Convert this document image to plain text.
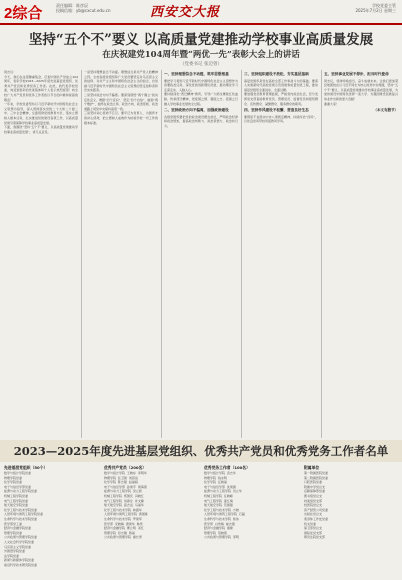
2综合	责任编辑：陈彦辰
投稿信箱：yb@cxcut.edu.cn	西安交大报	学校党委主管
2025年7月2日 星期三
坚持“五个不”要义 以高质量党建推动学校事业高质量发展
在庆祝建党104周年暨“两优一先”表彰大会上的讲话
（党委书记 张迈曾）

同志们：

今天，我们在这里隆重集会，庆祝中国共产党成立104周年，表彰学校2023—2025年度先进基层党组织、优秀共产党员和优秀党务工作者。在此，我代表学校党委，向受到表彰的先进集体和个人表示热烈祝贺！向全校广大共产党员和党务工作者致以节日的问候和崇高的敬意！

一年来，学校党委坚持以习近平新时代中国特色社会主义思想为指导，深入贯彻落实党的二十大和二十届二中、三中全会精神，全面贯彻党的教育方针，落实立德树人根本任务，扎实推进党的建设各项工作，以高质量党建引领保障学校事业高质量发展。

下面，我围绕“坚持‘五个不’要义，以高质量党建推动学校事业高质量发展”，讲几点意见。

一是坚持理想信念不动摇。理想信念是共产党人的精神之钙。全校各级党组织和广大党员要坚定对马克思主义的信仰、对共产主义和中国特色社会主义的信念，自觉做习近平新时代中国特色社会主义思想的坚定信仰者和忠实实践者。

二是坚持政治方向不偏离。要深刻领悟“两个确立”的决定性意义，增强“四个意识”、坚定“四个自信”、做到“两个维护”，始终在政治立场、政治方向、政治原则、政治道路上同党中央保持高度一致。

三是坚持初心使命不忘记。要牢记为党育人、为国育才的初心使命，把立德树人成效作为检验学校一切工作的根本标准。

一、坚持理想信念不动摇，筑牢思想根基

要把学习贯彻习近平新时代中国特色社会主义思想作为首要政治任务，深化党的创新理论武装，推动理论学习走深走实、入脑入心。

要持续深化“西迁精神”教育，引导广大师生赓续红色血脉，传承西迁精神，把爱国之情、强国之志、报国之行融入学校事业发展的全过程。

二、坚持政治方向不偏离，加强政治建设

各级党组织要把党的政治建设摆在首位，严明政治纪律和政治规矩，提高政治判断力、政治领悟力、政治执行力。

三、坚持组织建设不放松，夯实基层基础

基层党组织是党在高校全部工作和战斗力的基础。要深入实施新时代高校党建示范创建和质量创优工程，推动基层党组织全面进步、全面过硬。

要加强党员教育管理监督，严格党内政治生活，充分发挥党支部直接教育党员、管理党员、监督党员和组织群众、宣传群众、凝聚群众、服务群众的职责。

四、坚持作风建设不松懈，营造良好生态

要锲而不舍落实中央八项规定精神，持续纠治“四风”，以优良党风带校风促教风学风。

五、坚持事业发展不停步，担当时代使命

同志们，使命呼唤担当，奋斗成就未来。让我们更加紧密地团结在以习近平同志为核心的党中央周围，坚持“五个不”要义，以高质量党建推动学校事业高质量发展，为加快建设中国特色世界一流大学、为强国建设民族复兴伟业作出新的更大贡献！

谢谢大家！

（本文有删节）
2023—2025年度先进基层党组织、优秀共产党员和优秀党务工作者名单
先进基层党组织（50个）
数学与统计学院党委
物理学院党委
化学学院党委
电子与信息学部党委
能源与动力工程学院党委
机械工程学院党委
电气工程学院党委
航天航空学院党委
化学工程与技术学院党委
人居环境与建筑工程学院党委
生命科学与技术学院党委
医学部党工委
经济与金融学院党委
管理学院党委
公共政策与管理学院党委
人文社会科学学院党委
马克思主义学院党委
外国语学院党委
法学院党委
新闻与新媒体学院党委
前沿科学技术研究院党委
优秀共产党员（200名）
数学与统计学院  王晓东  李明华
物理学院  张卫国  刘思远
化学学院  陈志强  赵丽娟
电子与信息学部  孙建平  周海燕
能源与动力工程学院  吴立新
机械工程学院  郑国庆  冯晓红
电气工程学院  何春生  许文静
航天航空学院  高志远  马丽华
化学工程与技术学院  林振华
人居环境与建筑工程学院  黄国栋
生命科学与技术学院  罗建军
医学部  宋晓梅  唐建华  韩雪
经济与金融学院  曹立明  邓红
管理学院  彭志刚  蒋丽
公共政策与管理学院  谢长青
优秀党务工作者（100名）
数学与统计学院  袁志华
物理学院  钱永明
化学学院  汪晓丽
电子与信息学部  沈建国
能源与动力工程学院  田立华
机械工程学院  任晓峰
电气工程学院  姜红梅
航天航空学院  范国强
化学工程与技术学院  方晓
人居环境与建筑工程学院  石磊
生命科学与技术学院  熊伟
医学部  白雪梅  崔志强
经济与金融学院  康健
管理学院  贺晓燕
公共政策与管理学院  邹明
附属单位
第一附属医院党委
第二附属医院党委
口腔医院党委
附属中学党总支
后勤保障部党委
图书馆党总支
档案馆党支部
校医院党总支
资产经营公司党委
出版社党总支
离退休工作处党委
机关党委
保卫部党总支
国际处党支部
研究生院党支部
